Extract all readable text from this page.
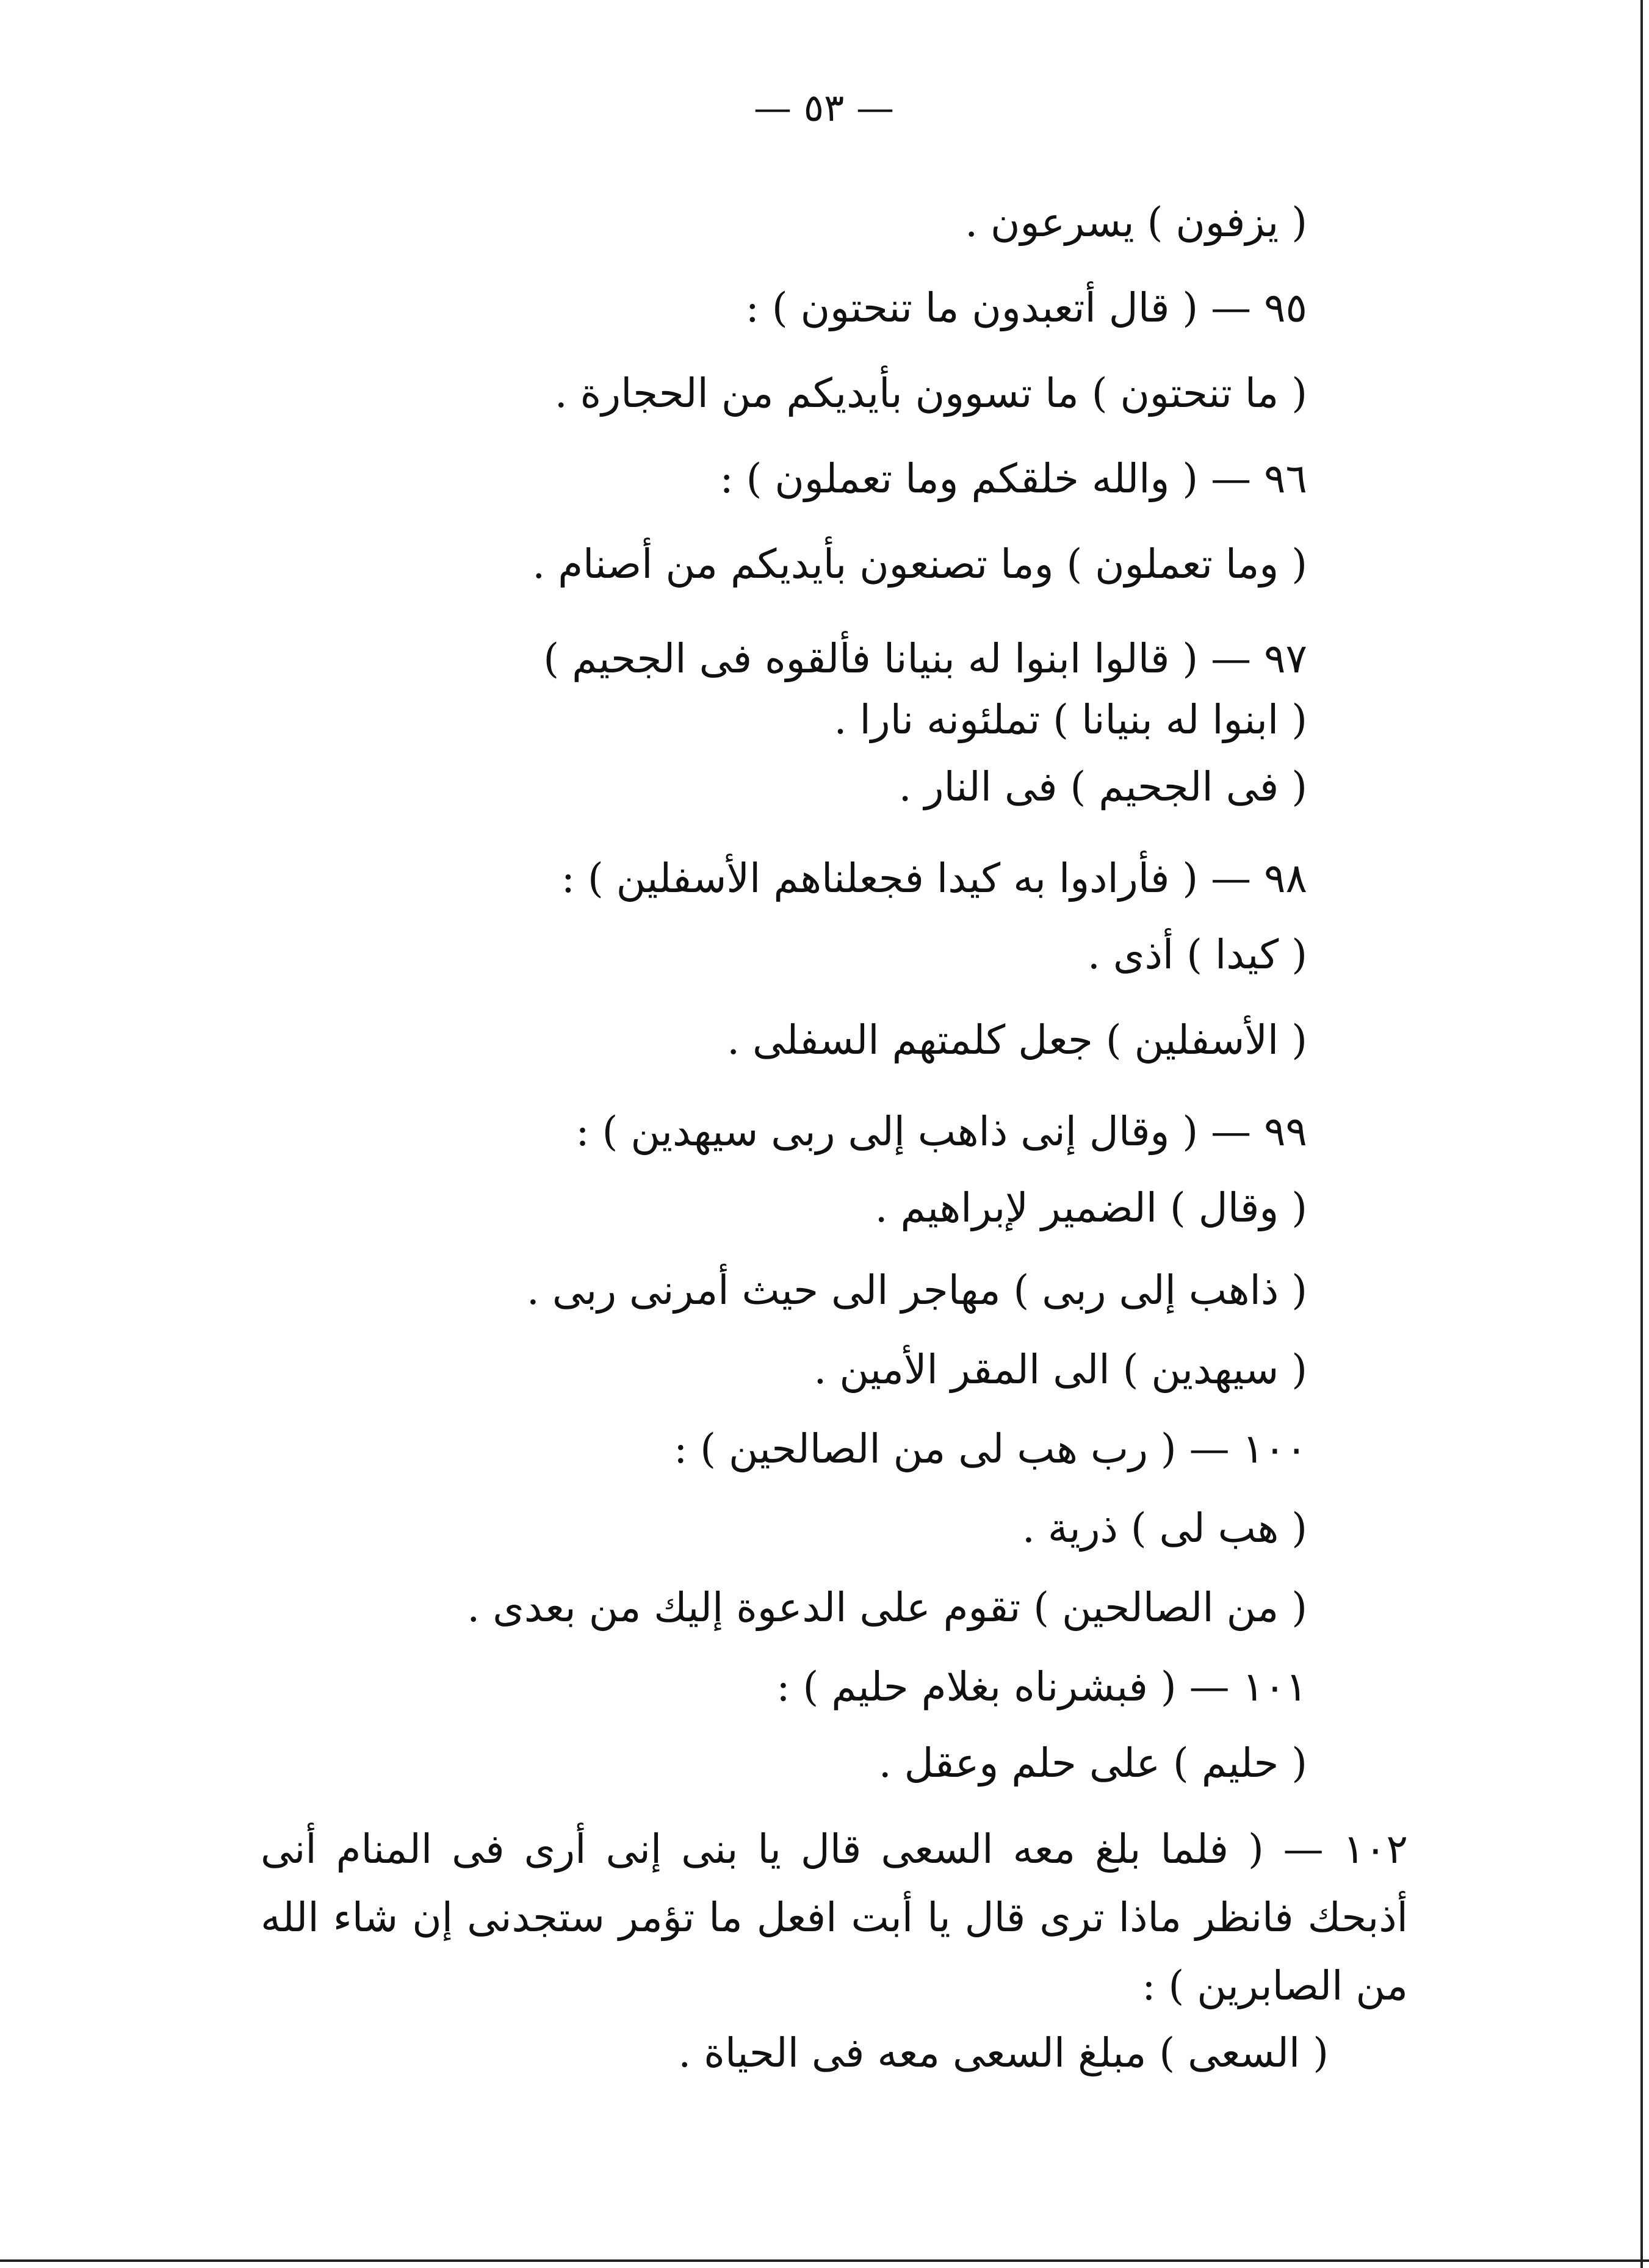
— ٥٣ —
( يزفون ) يسرعون .
٩٥ — ( قال أتعبدون ما تنحتون ) :
( ما تنحتون ) ما تسوون بأيديكم من الحجارة .
٩٦ — ( والله خلقكم وما تعملون ) :
( وما تعملون ) وما تصنعون بأيديكم من أصنام .
٩٧ — ( قالوا ابنوا له بنيانا فألقوه فى الجحيم )
( ابنوا له بنيانا ) تملئونه نارا .
( فى الجحيم ) فى النار .
٩٨ — ( فأرادوا به كيدا فجعلناهم الأسفلين ) :
( كيدا ) أذى .
( الأسفلين ) جعل كلمتهم السفلى .
٩٩ — ( وقال إنى ذاهب إلى ربى سيهدين ) :
( وقال ) الضمير لإبراهيم .
( ذاهب إلى ربى ) مهاجر الى حيث أمرنى ربى .
( سيهدين ) الى المقر الأمين .
١٠٠ — ( رب هب لى من الصالحين ) :
( هب لى ) ذرية .
( من الصالحين ) تقوم على الدعوة إليك من بعدى .
١٠١ — ( فبشرناه بغلام حليم ) :
( حليم ) على حلم وعقل .
١٠٢ — ( فلما بلغ معه السعى قال يا بنى إنى أرى فى المنام أنى أذبحك فانظر ماذا ترى قال يا أبت افعل ما تؤمر ستجدنى إن شاء الله من الصابرين ) :
( السعى ) مبلغ السعى معه فى الحياة .
